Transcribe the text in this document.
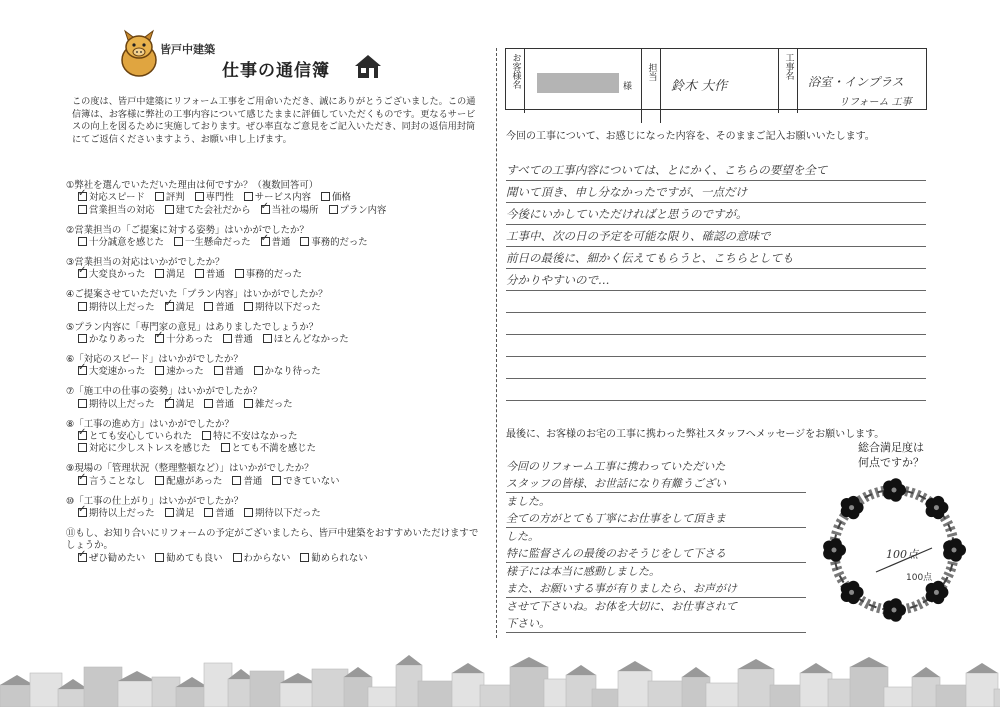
皆戸中建築
仕事の通信簿
この度は、皆戸中建築にリフォーム工事をご用命いただき、誠にありがとうございました。この通信簿は、お客様に弊社の工事内容について感じたままに評価していただくものです。更なるサービスの向上を図るために実施しております。ぜひ率直なご意見をご記入いただき、同封の返信用封筒にてご返信くださいますよう、お願い申し上げます。
①弊社を選んでいただいた理由は何ですか？（複数回答可）
✓対応スピード 評判 専門性 サービス内容 価格
営業担当の対応 建てた会社だから ✓ 当社の場所 プラン内容
②営業担当の「ご提案に対する姿勢」はいかがでしたか？
十分誠意を感じた 一生懸命だった ✓ 普通 事務的だった
③営業担当の対応はいかがでしたか？
✓大変良かった 満足 普通 事務的だった
④ご提案させていただいた「プラン内容」はいかがでしたか？
期待以上だった ✓ 満足 普通 期待以下だった
⑤プラン内容に「専門家の意見」はありましたでしょうか？
かなりあった ✓ 十分あった 普通 ほとんどなかった
⑥「対応のスピード」はいかがでしたか？
✓大変速かった 速かった 普通 かなり待った
⑦「施工中の仕事の姿勢」はいかがでしたか？
期待以上だった ✓ 満足 普通 雑だった
⑧「工事の進め方」はいかがでしたか？
✓とても安心していられた 特に不安はなかった
対応に少しストレスを感じた とても不満を感じた
⑨現場の「管理状況（整理整頓など）」はいかがでしたか？
✓言うことなし 配慮があった 普通 できていない
⑩「工事の仕上がり」はいかがでしたか？
✓期待以上だった 満足 普通 期待以下だった
⑪もし、お知り合いにリフォームの予定がございましたら、皆戸中建築をおすすめいただけますでしょうか。
✓ぜひ勧めたい 勧めても良い わからない 勧められない
お客様名	様
担当
鈴木 大作
工事名
浴室・インプラス
リフォーム 工事
今回の工事について、お感じになった内容を、そのままご記入お願いいたします。
すべての工事内容については、とにかく、こちらの要望を全て
聞いて頂き、申し分なかったですが、一点だけ
今後にいかしていただければと思うのですが。
工事中、次の日の予定を可能な限り、確認の意味で
前日の最後に、細かく伝えてもらうと、こちらとしても
分かりやすいので…
最後に、お客様のお宅の工事に携わった弊社スタッフへメッセージをお願いします。
今回のリフォーム工事に携わっていただいた
スタッフの皆様、お世話になり有難うござい
ました。
全ての方がとても丁寧にお仕事をして頂きま
した。
特に監督さんの最後のおそうじをして下さる
様子には本当に感動しました。
また、お願いする事が有りましたら、お声がけ
させて下さいね。お体を大切に、お仕事されて
下さい。
総合満足度は
何点ですか？
100点
100点
